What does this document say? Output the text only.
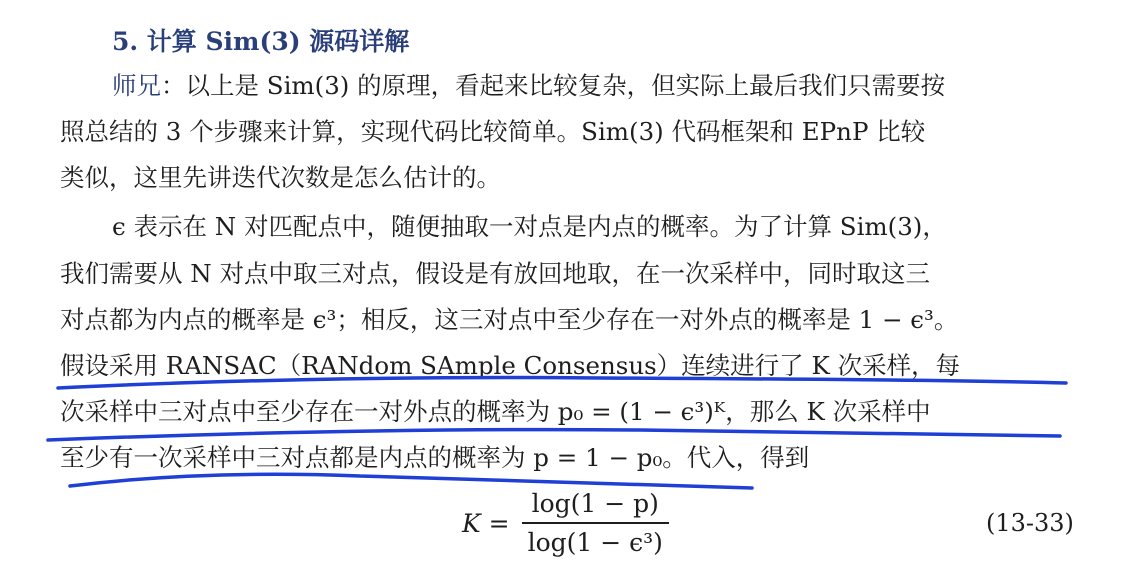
5. 计算 Sim(3) 源码详解
师兄：以上是 Sim(3) 的原理，看起来比较复杂，但实际上最后我们只需要按
照总结的 3 个步骤来计算，实现代码比较简单。Sim(3) 代码框架和 EPnP 比较
类似，这里先讲迭代次数是怎么估计的。
ϵ 表示在 N 对匹配点中，随便抽取一对点是内点的概率。为了计算 Sim(3)，
我们需要从 N 对点中取三对点，假设是有放回地取，在一次采样中，同时取这三
对点都为内点的概率是 ϵ³；相反，这三对点中至少存在一对外点的概率是 1 − ϵ³。
假设采用 RANSAC（RANdom SAmple Consensus）连续进行了 K 次采样，每
次采样中三对点中至少存在一对外点的概率为 p₀ = (1 − ϵ³)ᴷ，那么 K 次采样中
至少有一次采样中三对点都是内点的概率为 p = 1 − p₀。代入，得到
$K = \frac{\log(1 - p)}{\text{log(1 − ϵ³)}}$	(13-33)
